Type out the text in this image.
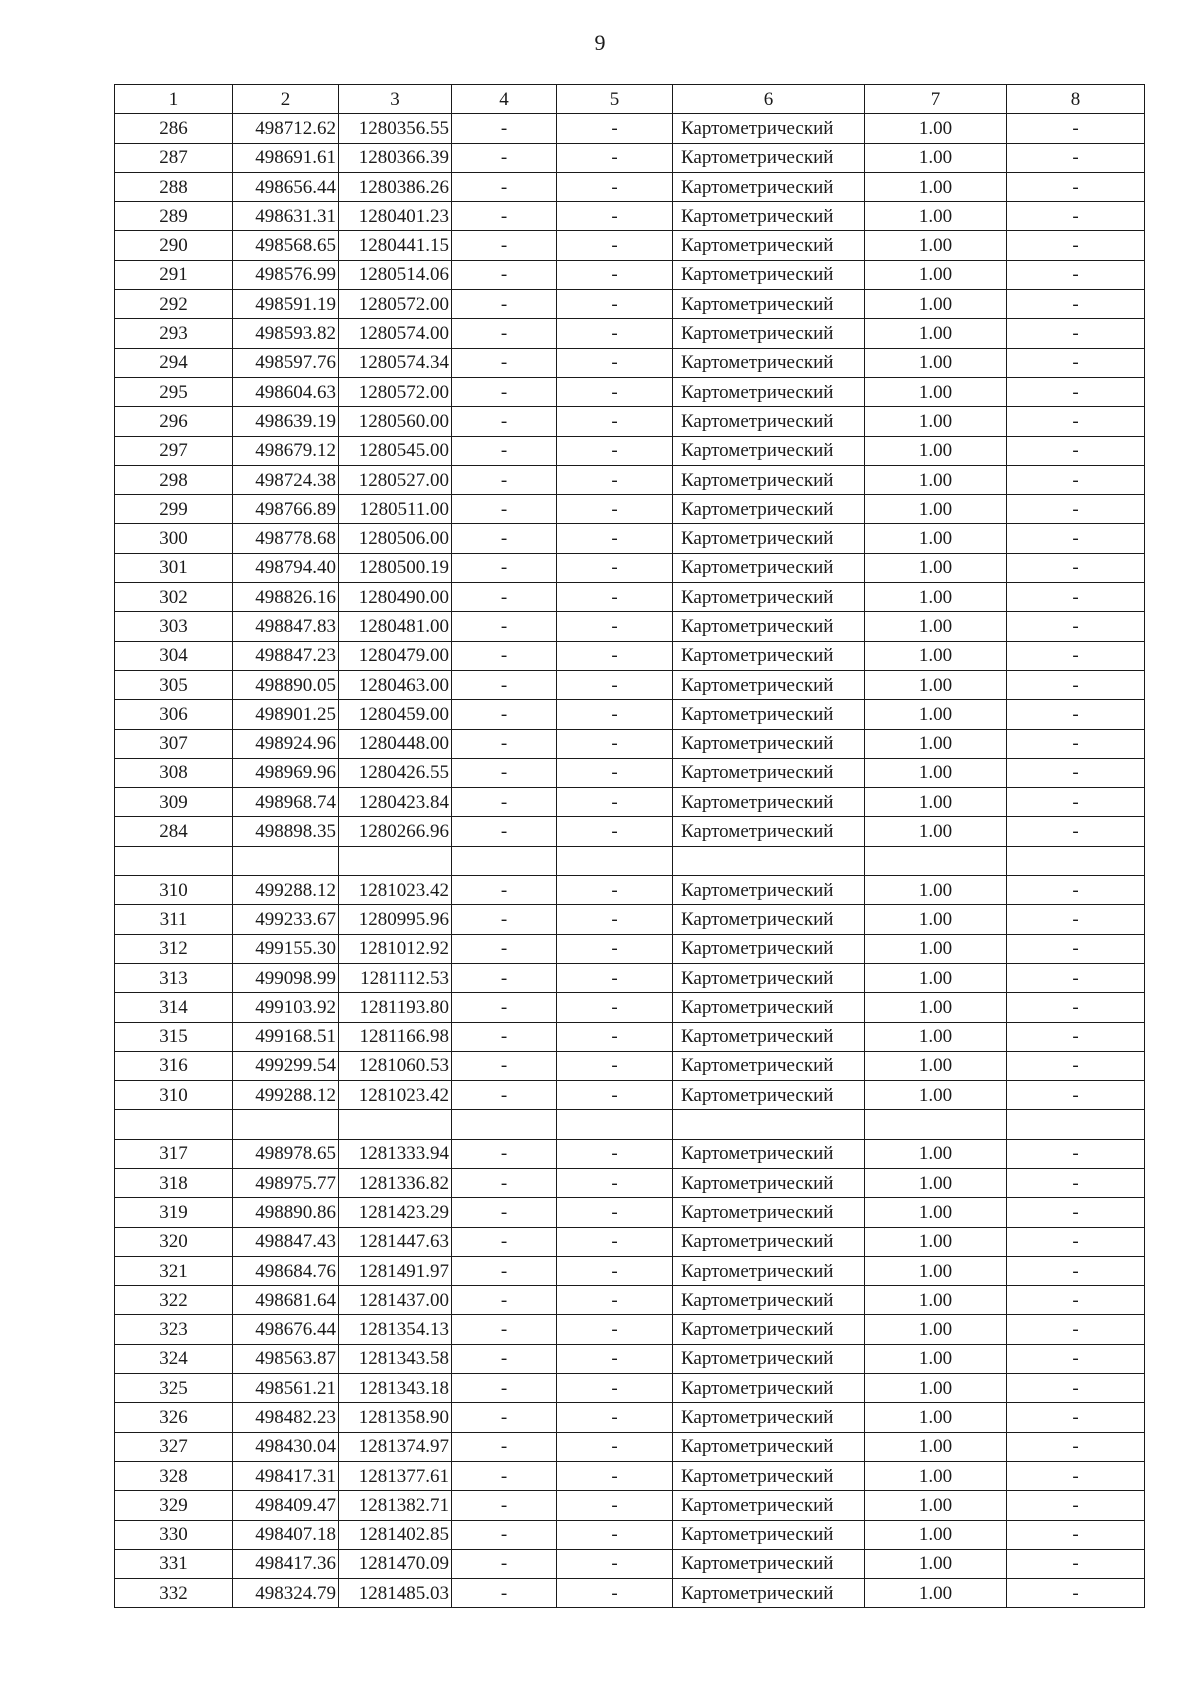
9
1	2	3	4	5	6	7	8
286	498712.62	1280356.55	-	-	Картометрический	1.00	-
287	498691.61	1280366.39	-	-	Картометрический	1.00	-
288	498656.44	1280386.26	-	-	Картометрический	1.00	-
289	498631.31	1280401.23	-	-	Картометрический	1.00	-
290	498568.65	1280441.15	-	-	Картометрический	1.00	-
291	498576.99	1280514.06	-	-	Картометрический	1.00	-
292	498591.19	1280572.00	-	-	Картометрический	1.00	-
293	498593.82	1280574.00	-	-	Картометрический	1.00	-
294	498597.76	1280574.34	-	-	Картометрический	1.00	-
295	498604.63	1280572.00	-	-	Картометрический	1.00	-
296	498639.19	1280560.00	-	-	Картометрический	1.00	-
297	498679.12	1280545.00	-	-	Картометрический	1.00	-
298	498724.38	1280527.00	-	-	Картометрический	1.00	-
299	498766.89	1280511.00	-	-	Картометрический	1.00	-
300	498778.68	1280506.00	-	-	Картометрический	1.00	-
301	498794.40	1280500.19	-	-	Картометрический	1.00	-
302	498826.16	1280490.00	-	-	Картометрический	1.00	-
303	498847.83	1280481.00	-	-	Картометрический	1.00	-
304	498847.23	1280479.00	-	-	Картометрический	1.00	-
305	498890.05	1280463.00	-	-	Картометрический	1.00	-
306	498901.25	1280459.00	-	-	Картометрический	1.00	-
307	498924.96	1280448.00	-	-	Картометрический	1.00	-
308	498969.96	1280426.55	-	-	Картометрический	1.00	-
309	498968.74	1280423.84	-	-	Картометрический	1.00	-
284	498898.35	1280266.96	-	-	Картометрический	1.00	-

310	499288.12	1281023.42	-	-	Картометрический	1.00	-
311	499233.67	1280995.96	-	-	Картометрический	1.00	-
312	499155.30	1281012.92	-	-	Картометрический	1.00	-
313	499098.99	1281112.53	-	-	Картометрический	1.00	-
314	499103.92	1281193.80	-	-	Картометрический	1.00	-
315	499168.51	1281166.98	-	-	Картометрический	1.00	-
316	499299.54	1281060.53	-	-	Картометрический	1.00	-
310	499288.12	1281023.42	-	-	Картометрический	1.00	-

317	498978.65	1281333.94	-	-	Картометрический	1.00	-
318	498975.77	1281336.82	-	-	Картометрический	1.00	-
319	498890.86	1281423.29	-	-	Картометрический	1.00	-
320	498847.43	1281447.63	-	-	Картометрический	1.00	-
321	498684.76	1281491.97	-	-	Картометрический	1.00	-
322	498681.64	1281437.00	-	-	Картометрический	1.00	-
323	498676.44	1281354.13	-	-	Картометрический	1.00	-
324	498563.87	1281343.58	-	-	Картометрический	1.00	-
325	498561.21	1281343.18	-	-	Картометрический	1.00	-
326	498482.23	1281358.90	-	-	Картометрический	1.00	-
327	498430.04	1281374.97	-	-	Картометрический	1.00	-
328	498417.31	1281377.61	-	-	Картометрический	1.00	-
329	498409.47	1281382.71	-	-	Картометрический	1.00	-
330	498407.18	1281402.85	-	-	Картометрический	1.00	-
331	498417.36	1281470.09	-	-	Картометрический	1.00	-
332	498324.79	1281485.03	-	-	Картометрический	1.00	-
